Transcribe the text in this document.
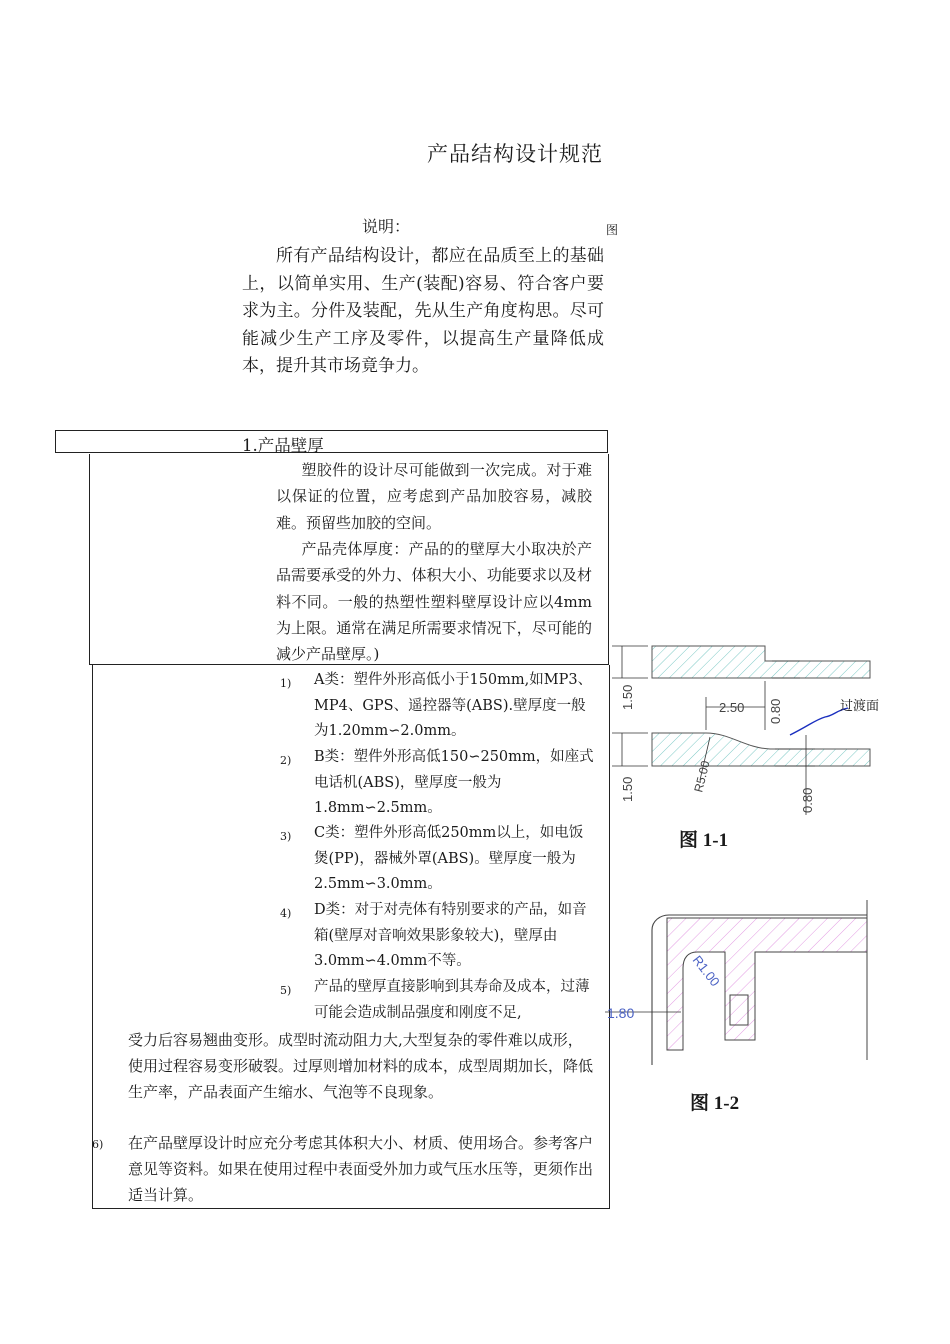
产品结构设计规范
说明：	图

所有产品结构设计，都应在品质至上的基础上，以简单实用、生产(装配)容易、符合客户要求为主。分件及装配，先从生产角度构思。尽可能减少生产工序及零件，以提高生产量降低成本，提升其市场竟争力。

1.产品壁厚

塑胶件的设计尽可能做到一次完成。对于难以保证的位置，应考虑到产品加胶容易，减胶难。预留些加胶的空间。

产品壳体厚度：产品的的壁厚大小取决於产品需要承受的外力、体积大小、功能要求以及材料不同。一般的热塑性塑料壁厚设计应以4mm为上限。通常在满足所需要求情况下，尽可能的减少产品壁厚。)

1) A类：塑件外形高低小于150mm,如MP3、MP4、GPS、遥控器等(ABS).壁厚度一般为1.20mm∽2.0mm。

2) B类：塑件外形高低150∽250mm，如座式电话机(ABS)，壁厚度一般为1.8mm∽2.5mm。

3) C类：塑件外形高低250mm以上，如电饭煲(PP)，器械外罩(ABS)。壁厚度一般为2.5mm∽3.0mm。

4) D类：对于对壳体有特别要求的产品，如音箱(壁厚对音响效果影象较大)，壁厚由3.0mm∽4.0mm不等。

5) 产品的壁厚直接影响到其寿命及成本，过薄可能会造成制品强度和刚度不足,

受力后容易翘曲变形。成型时流动阻力大,大型复杂的零件难以成形，使用过程容易变形破裂。过厚则增加材料的成本，成型周期加长，降低生产率，产品表面产生缩水、气泡等不良现象。

6) 在产品壁厚设计时应充分考虑其体积大小、材质、使用场合。参考客户意见等资料。如果在使用过程中表面受外加力或气压水压等，更须作出适当计算。

1.50
1.50
2.50 0.80
0.80
R5.00
过渡面
图 1-1
1.80
R1.00
图 1-2
